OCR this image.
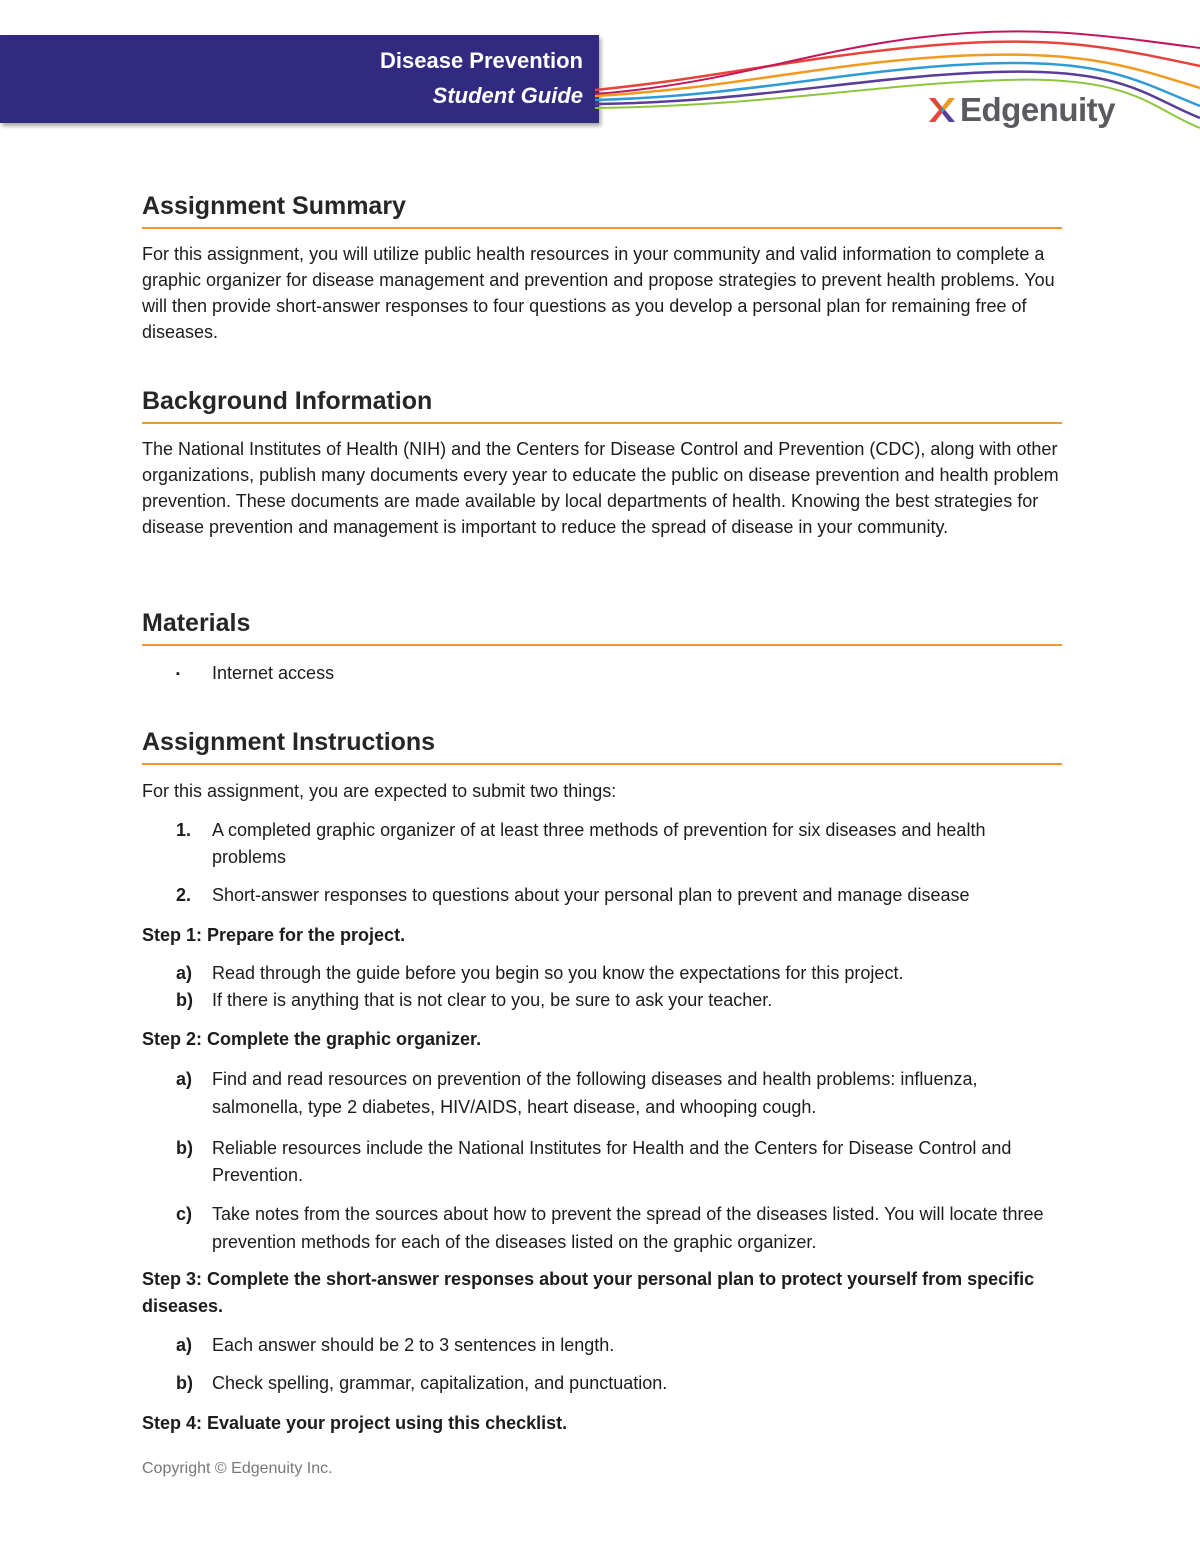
Disease Prevention
Student Guide	Edgenuity
Assignment Summary

For this assignment, you will utilize public health resources in your community and valid information to complete a graphic organizer for disease management and prevention and propose strategies to prevent health problems. You will then provide short-answer responses to four questions as you develop a personal plan for remaining free of diseases.

Background Information

The National Institutes of Health (NIH) and the Centers for Disease Control and Prevention (CDC), along with other organizations, publish many documents every year to educate the public on disease prevention and health problem prevention. These documents are made available by local departments of health. Knowing the best strategies for disease prevention and management is important to reduce the spread of disease in your community.

Materials
▪ Internet access
Assignment Instructions

For this assignment, you are expected to submit two things:

1. A completed graphic organizer of at least three methods of prevention for six diseases and health problems
2. Short-answer responses to questions about your personal plan to prevent and manage disease
Step 1: Prepare for the project.
a) Read through the guide before you begin so you know the expectations for this project.
b) If there is anything that is not clear to you, be sure to ask your teacher.
Step 2: Complete the graphic organizer.
a) Find and read resources on prevention of the following diseases and health problems: influenza, salmonella, type 2 diabetes, HIV/AIDS, heart disease, and whooping cough.
b) Reliable resources include the National Institutes for Health and the Centers for Disease Control and Prevention.
c) Take notes from the sources about how to prevent the spread of the diseases listed. You will locate three prevention methods for each of the diseases listed on the graphic organizer.
Step 3: Complete the short-answer responses about your personal plan to protect yourself from specific diseases.
a) Each answer should be 2 to 3 sentences in length.
b) Check spelling, grammar, capitalization, and punctuation.
Step 4: Evaluate your project using this checklist.
Copyright © Edgenuity Inc.
